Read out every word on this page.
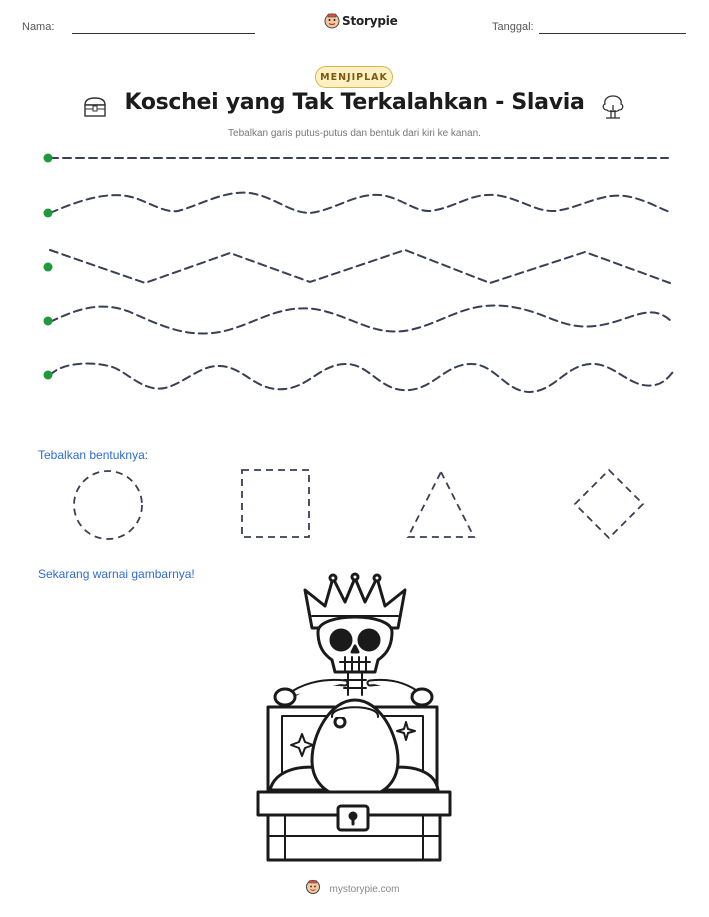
Nama:	Storypie	Tanggal:
MENJIPLAK
Koschei yang Tak Terkalahkan - Slavia
Tebalkan garis putus-putus dan bentuk dari kiri ke kanan.
Tebalkan bentuknya:
Sekarang warnai gambarnya!
mystorypie.com
